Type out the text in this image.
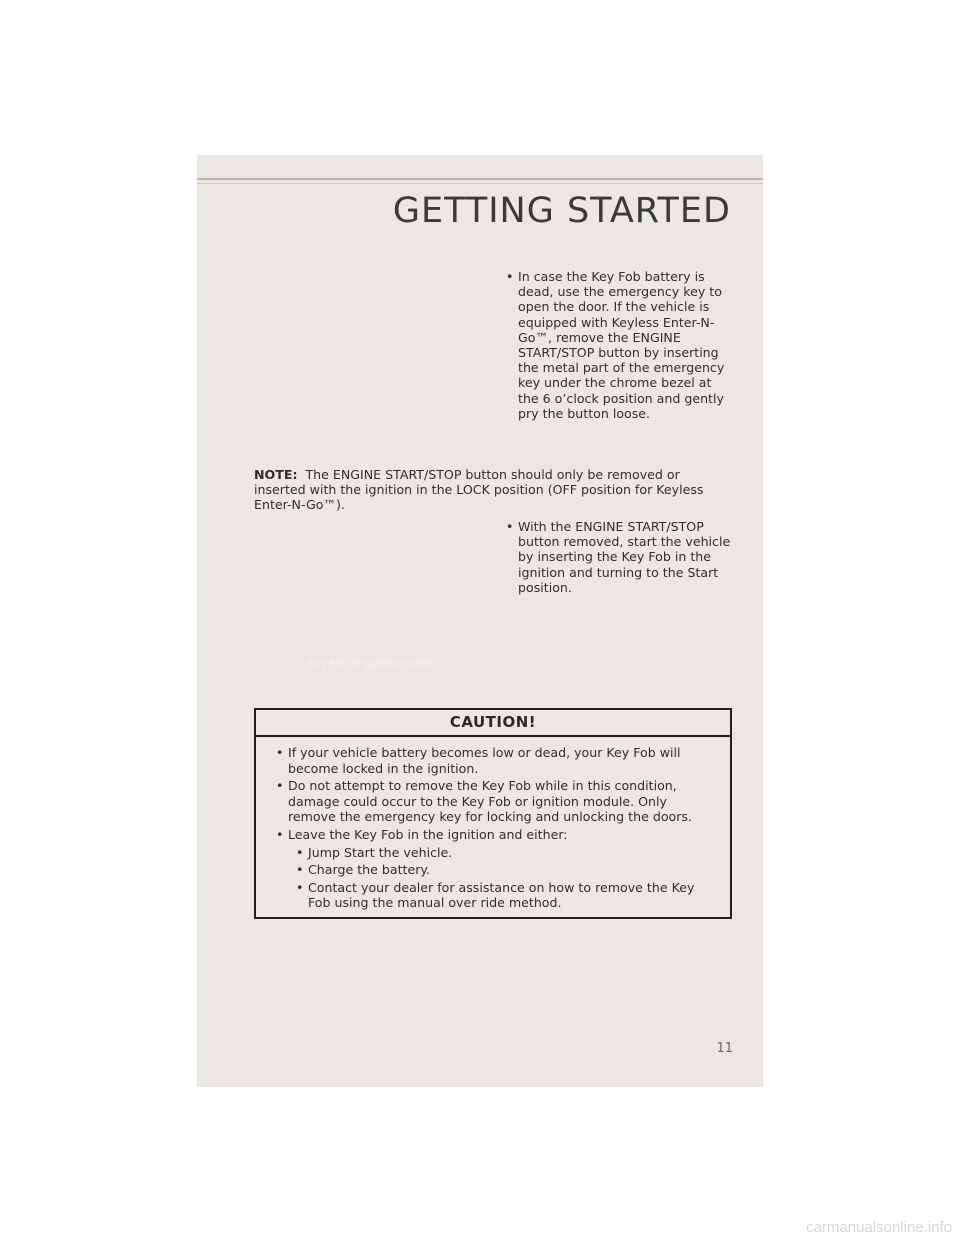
GETTING STARTED
• In case the Key Fob battery is dead, use the emergency key to open the door. If the vehicle is equipped with Keyless Enter-N-Go™, remove the ENGINE START/STOP button by inserting the metal part of the emergency key under the chrome bezel at the 6 o’clock position and gently pry the button loose.
NOTE: The ENGINE START/STOP button should only be removed or inserted with the ignition in the LOCK position (OFF position for Keyless Enter-N-Go™).
• With the ENGINE START/STOP button removed, start the vehicle by inserting the Key Fob in the ignition and turning to the Start position.
Key Fob In Ignition Switch
CAUTION!
• If your vehicle battery becomes low or dead, your Key Fob will become locked in the ignition.
• Do not attempt to remove the Key Fob while in this condition, damage could occur to the Key Fob or ignition module. Only remove the emergency key for locking and unlocking the doors.
• Leave the Key Fob in the ignition and either:
• Jump Start the vehicle.
• Charge the battery.
• Contact your dealer for assistance on how to remove the Key Fob using the manual over ride method.
11
carmanualsonline.info
